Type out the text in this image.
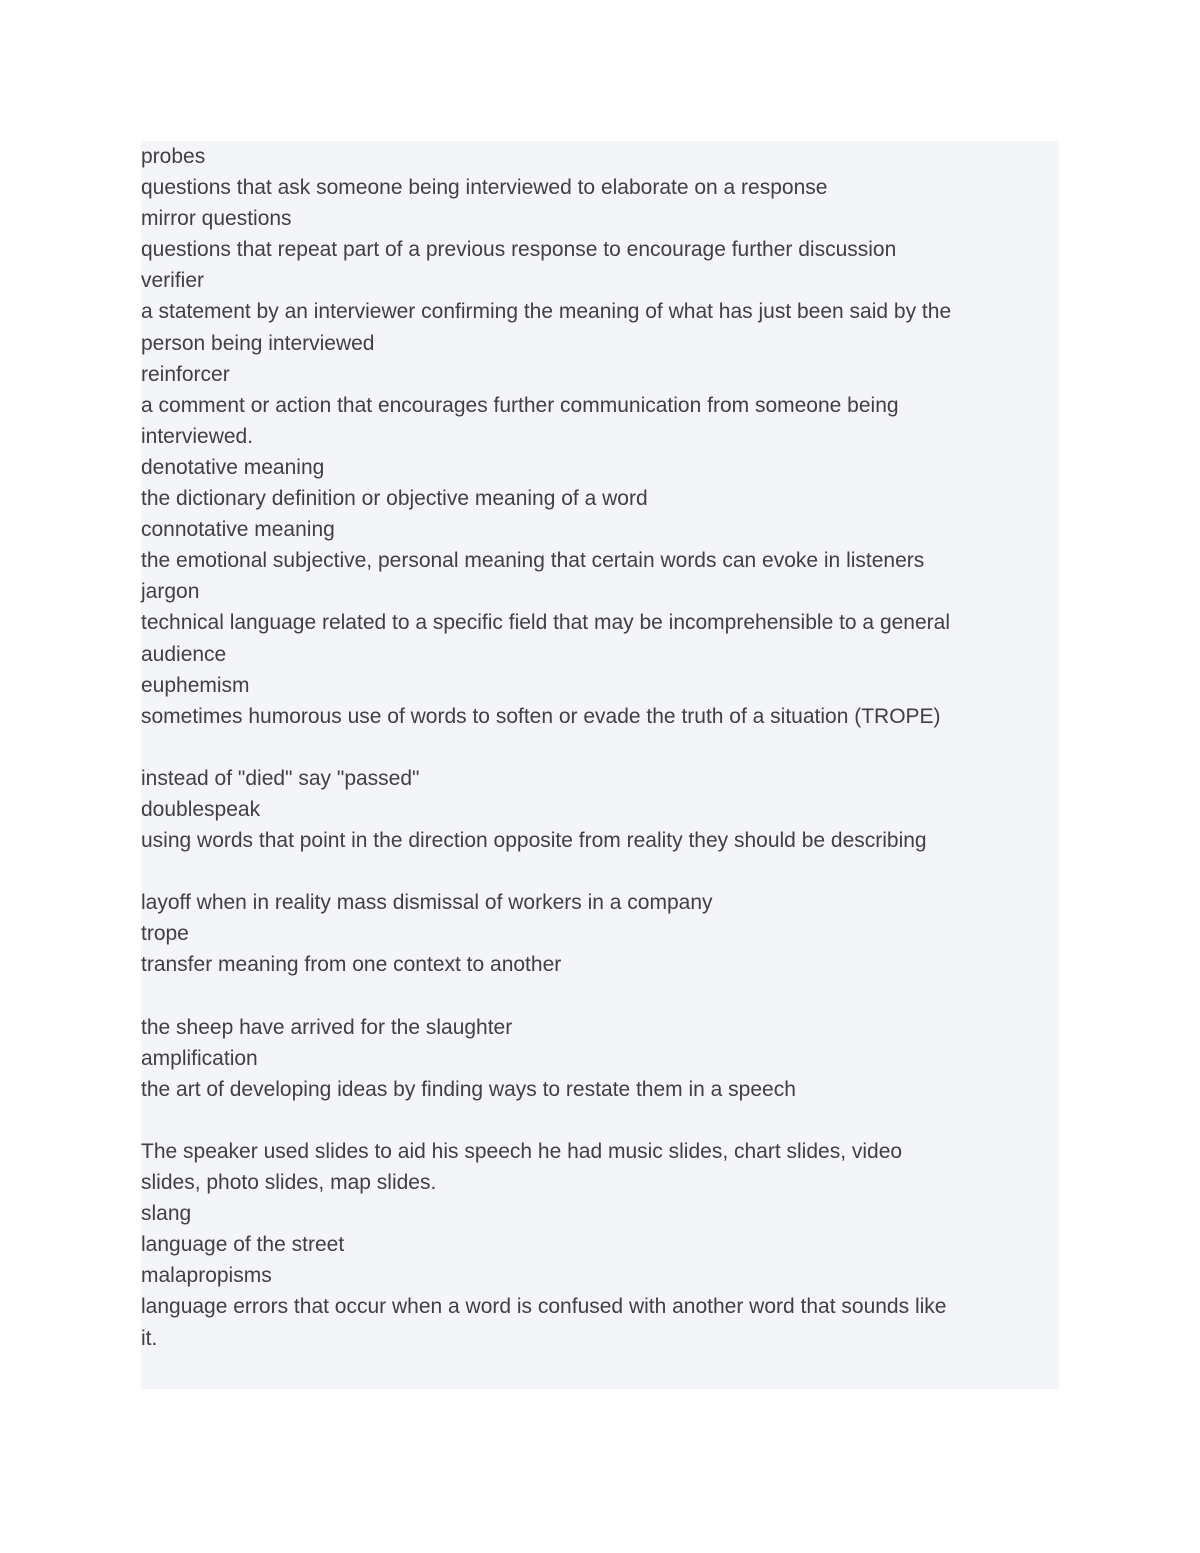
probes

questions that ask someone being interviewed to elaborate on a response

mirror questions

questions that repeat part of a previous response to encourage further discussion

verifier

a statement by an interviewer confirming the meaning of what has just been said by the

person being interviewed

reinforcer

a comment or action that encourages further communication from someone being

interviewed.

denotative meaning

the dictionary definition or objective meaning of a word

connotative meaning

the emotional subjective, personal meaning that certain words can evoke in listeners

jargon

technical language related to a specific field that may be incomprehensible to a general

audience

euphemism

sometimes humorous use of words to soften or evade the truth of a situation (TROPE)

instead of "died" say "passed"

doublespeak

using words that point in the direction opposite from reality they should be describing

layoff when in reality mass dismissal of workers in a company

trope

transfer meaning from one context to another

the sheep have arrived for the slaughter

amplification

the art of developing ideas by finding ways to restate them in a speech

The speaker used slides to aid his speech he had music slides, chart slides, video

slides, photo slides, map slides.

slang

language of the street

malapropisms

language errors that occur when a word is confused with another word that sounds like

it.
